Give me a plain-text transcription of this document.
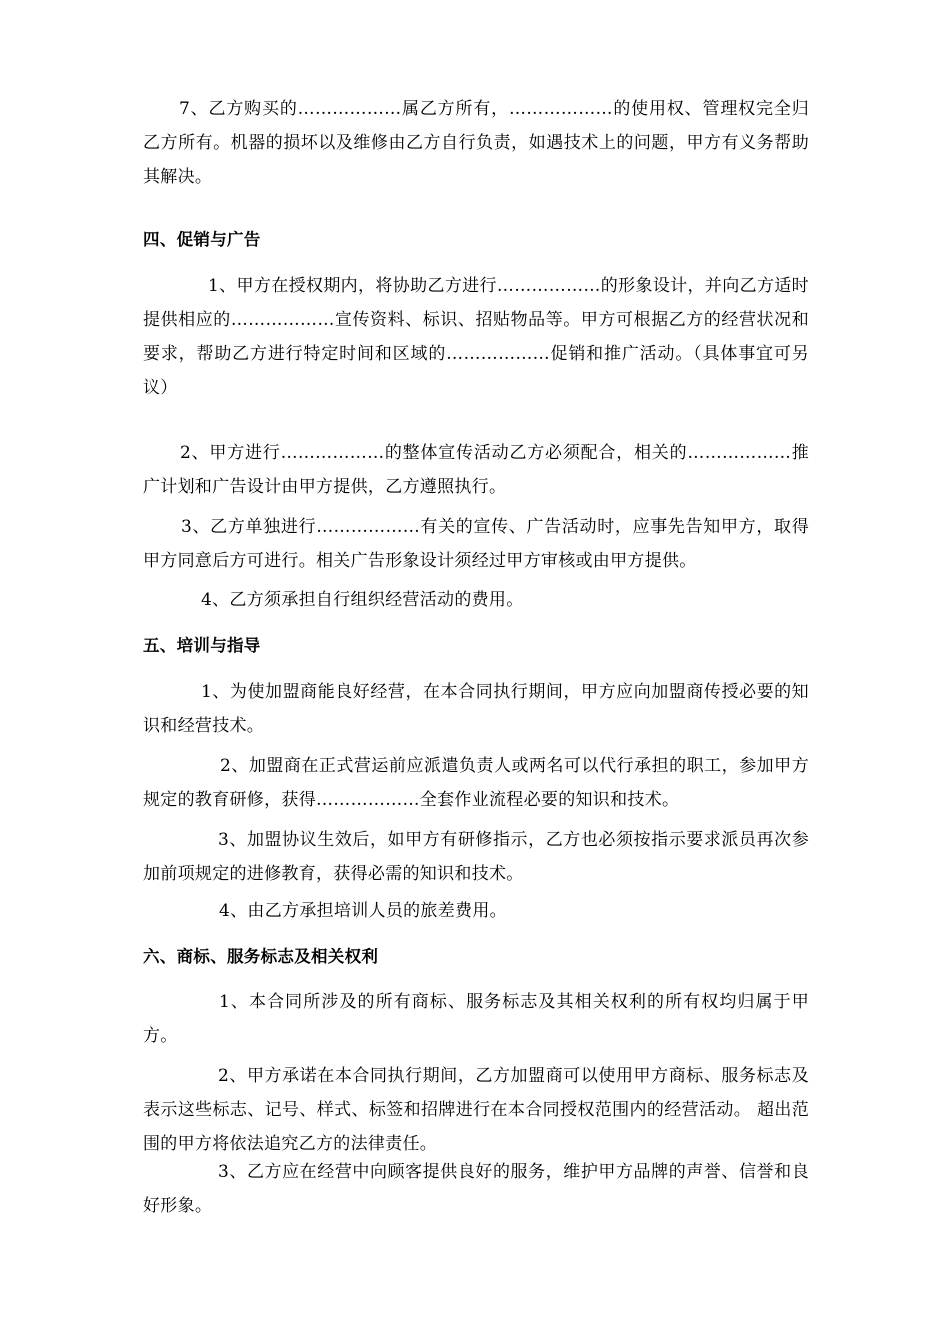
7、乙方购买的………………属乙方所有，………………的使用权、管理权完全归乙方所有。机器的损坏以及维修由乙方自行负责，如遇技术上的问题，甲方有义务帮助其解决。

四、促销与广告

1、甲方在授权期内，将协助乙方进行………………的形象设计，并向乙方适时提供相应的………………宣传资料、标识、招贴物品等。甲方可根据乙方的经营状况和要求，帮助乙方进行特定时间和区域的………………促销和推广活动。（具体事宜可另议）

2、甲方进行………………的整体宣传活动乙方必须配合，相关的………………推广计划和广告设计由甲方提供，乙方遵照执行。

3、乙方单独进行………………有关的宣传、广告活动时，应事先告知甲方，取得甲方同意后方可进行。相关广告形象设计须经过甲方审核或由甲方提供。

4、乙方须承担自行组织经营活动的费用。

五、培训与指导

1、为使加盟商能良好经营，在本合同执行期间，甲方应向加盟商传授必要的知识和经营技术。

2、加盟商在正式营运前应派遣负责人或两名可以代行承担的职工，参加甲方规定的教育研修，获得………………全套作业流程必要的知识和技术。

3、加盟协议生效后，如甲方有研修指示，乙方也必须按指示要求派员再次参加前项规定的进修教育，获得必需的知识和技术。

4、由乙方承担培训人员的旅差费用。

六、商标、服务标志及相关权利

1、本合同所涉及的所有商标、服务标志及其相关权利的所有权均归属于甲方。

2、甲方承诺在本合同执行期间，乙方加盟商可以使用甲方商标、服务标志及表示这些标志、记号、样式、标签和招牌进行在本合同授权范围内的经营活动。 超出范围的甲方将依法追究乙方的法律责任。

3、乙方应在经营中向顾客提供良好的服务，维护甲方品牌的声誉、信誉和良好形象。
